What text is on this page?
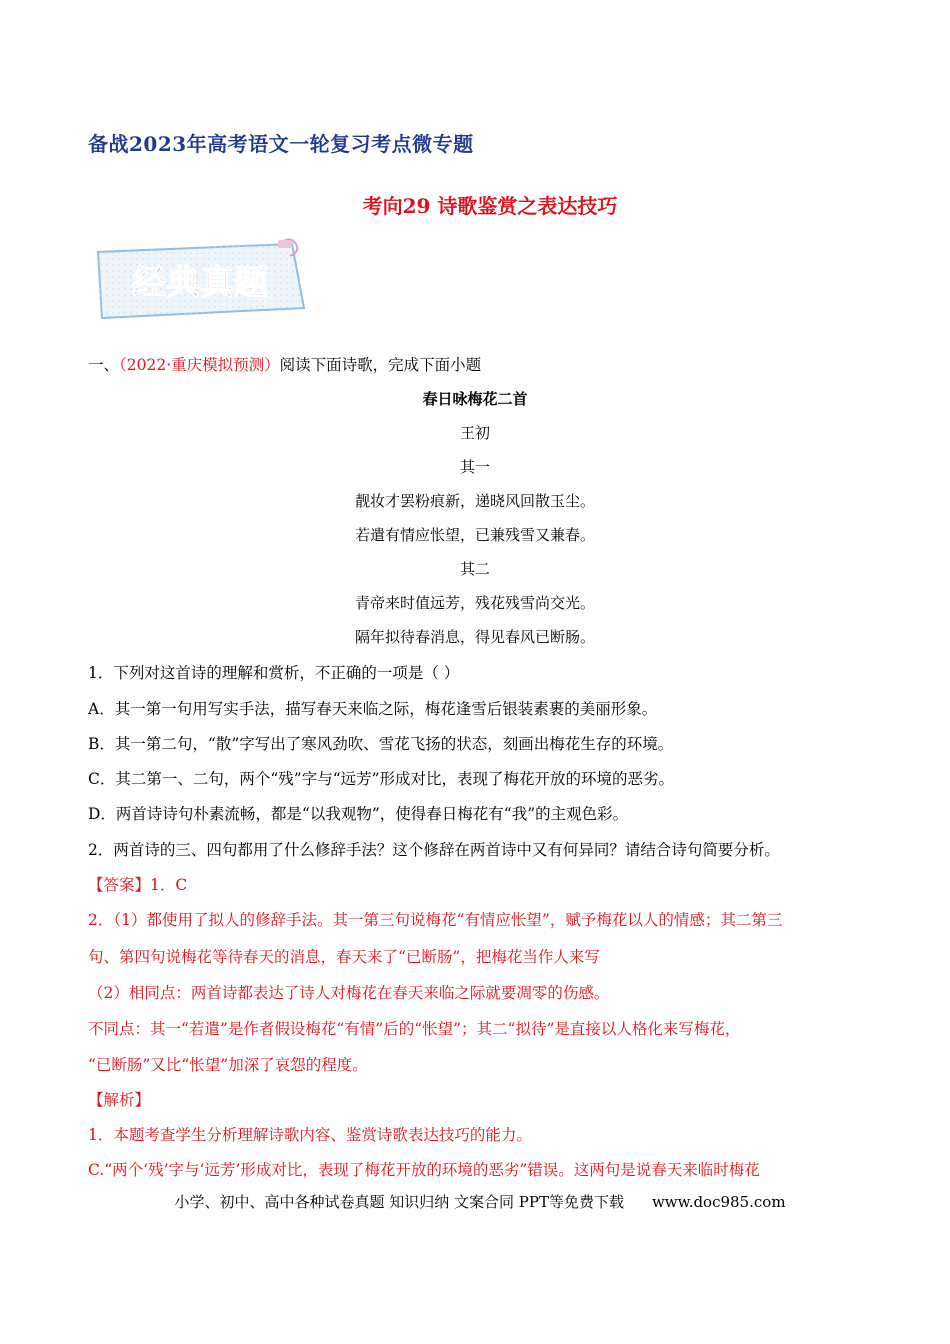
备战2023年高考语文一轮复习考点微专题
考向29 诗歌鉴赏之表达技巧
经典真题
一、（2022·重庆模拟预测）阅读下面诗歌，完成下面小题
春日咏梅花二首
王初
其一
靓妆才罢粉痕新，递晓风回散玉尘。
若遣有情应怅望，已兼残雪又兼春。
其二
青帝来时值远芳，残花残雪尚交光。
隔年拟待春消息，得见春风已断肠。
1．下列对这首诗的理解和赏析，不正确的一项是（ ）
A．其一第一句用写实手法，描写春天来临之际，梅花逢雪后银装素裹的美丽形象。
B．其一第二句，“散”字写出了寒风劲吹、雪花飞扬的状态，刻画出梅花生存的环境。
C．其二第一、二句，两个“残”字与“远芳”形成对比，表现了梅花开放的环境的恶劣。
D．两首诗诗句朴素流畅，都是“以我观物”，使得春日梅花有“我”的主观色彩。
2．两首诗的三、四句都用了什么修辞手法？这个修辞在两首诗中又有何异同？请结合诗句简要分析。
【答案】1．C
2．（1）都使用了拟人的修辞手法。其一第三句说梅花“有情应怅望”，赋予梅花以人的情感；其二第三
句、第四句说梅花等待春天的消息，春天来了“已断肠”，把梅花当作人来写
（2）相同点：两首诗都表达了诗人对梅花在春天来临之际就要凋零的伤感。
不同点：其一“若遣”是作者假设梅花“有情”后的“怅望”；其二“拟待”是直接以人格化来写梅花，
“已断肠”又比“怅望”加深了哀怨的程度。
【解析】
1．本题考查学生分析理解诗歌内容、鉴赏诗歌表达技巧的能力。
C.“两个‘残’字与‘远芳’形成对比，表现了梅花开放的环境的恶劣”错误。这两句是说春天来临时梅花
小学、初中、高中各种试卷真题 知识归纳 文案合同 PPT等免费下载 www.doc985.com
